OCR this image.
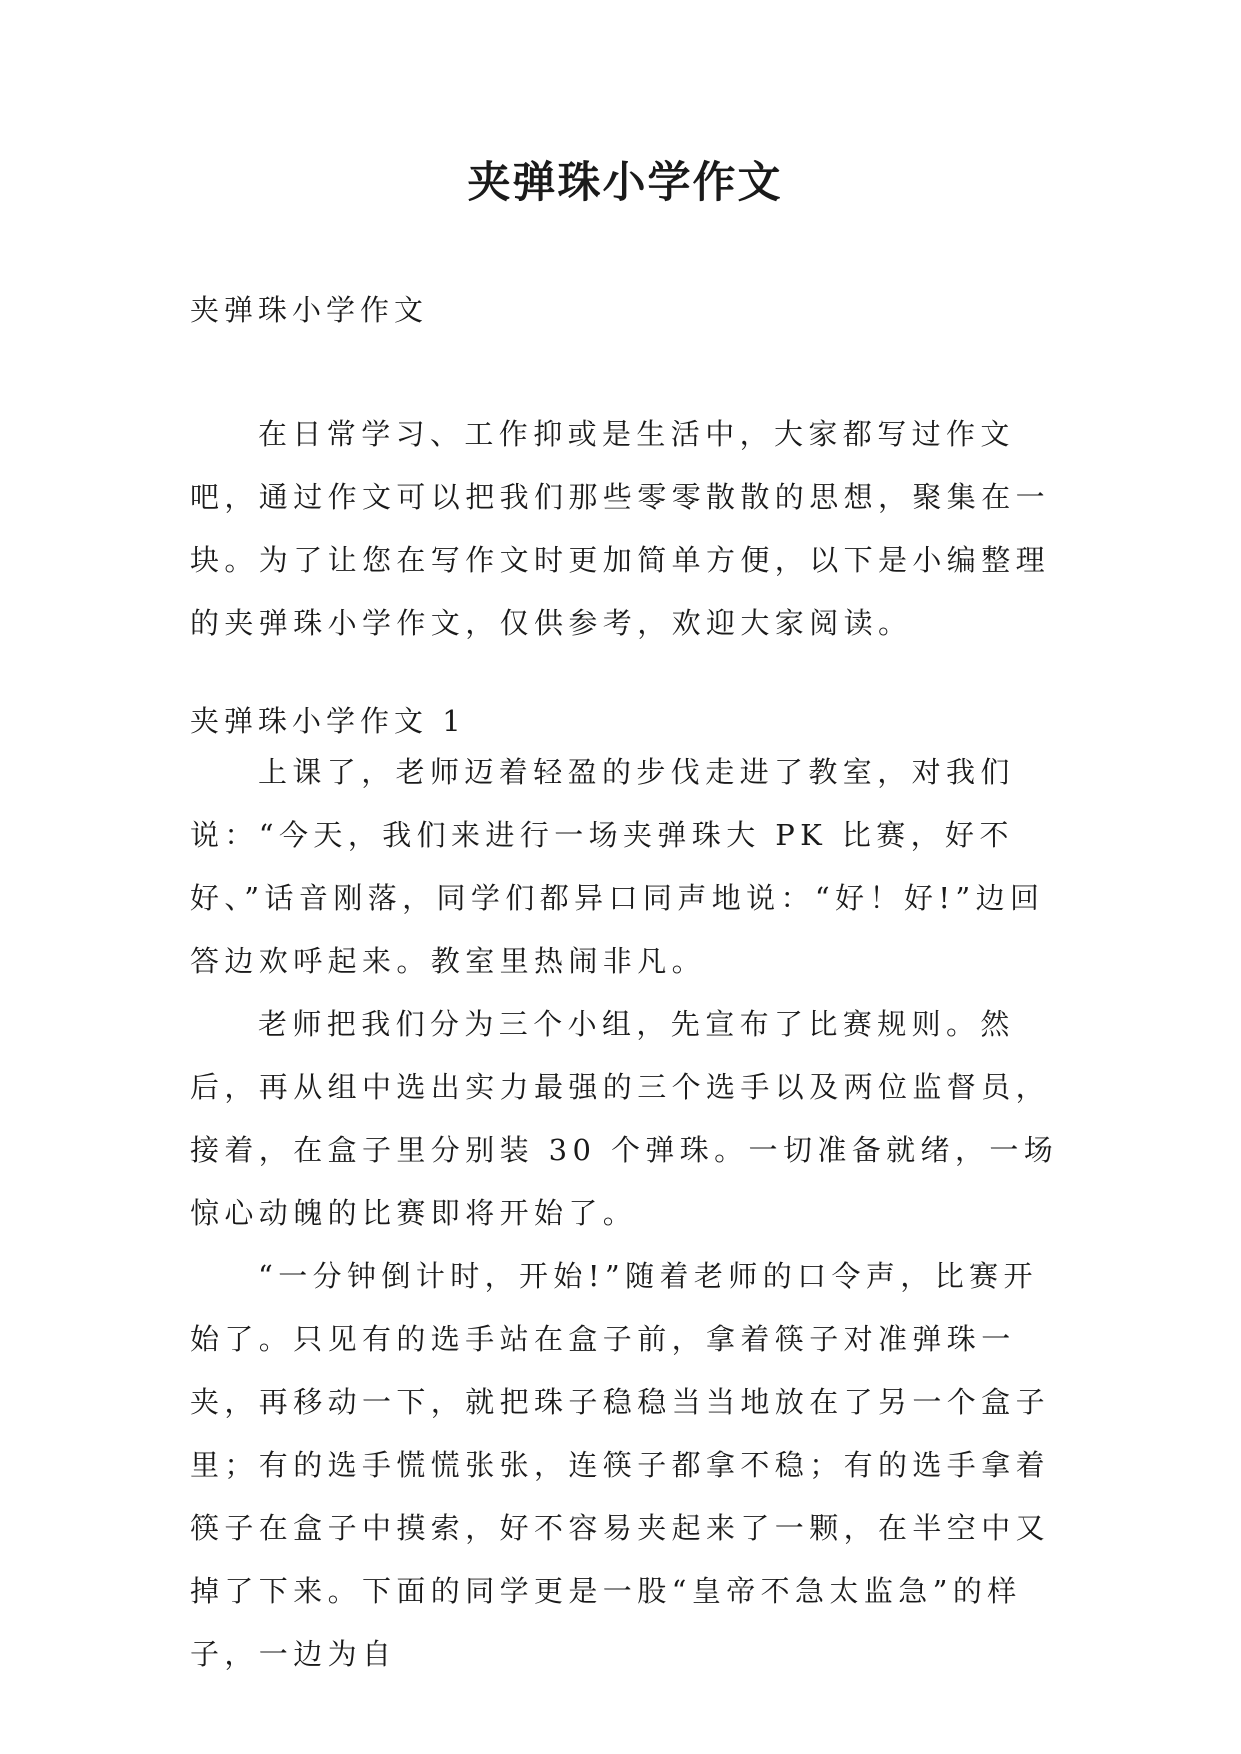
夹弹珠小学作文

夹弹珠小学作文

在日常学习、工作抑或是生活中，大家都写过作文吧，通过作文可以把我们那些零零散散的思想，聚集在一块。为了让您在写作文时更加简单方便，以下是小编整理的夹弹珠小学作文，仅供参考，欢迎大家阅读。

夹弹珠小学作文 1

上课了，老师迈着轻盈的步伐走进了教室，对我们说：“今天，我们来进行一场夹弹珠大 PK 比赛，好不好、”话音刚落，同学们都异口同声地说：“好！好!”边回答边欢呼起来。教室里热闹非凡。

老师把我们分为三个小组，先宣布了比赛规则。然后，再从组中选出实力最强的三个选手以及两位监督员，接着，在盒子里分别装 30 个弹珠。一切准备就绪，一场惊心动魄的比赛即将开始了。

“一分钟倒计时，开始!”随着老师的口令声，比赛开始了。只见有的选手站在盒子前，拿着筷子对准弹珠一夹，再移动一下，就把珠子稳稳当当地放在了另一个盒子里；有的选手慌慌张张，连筷子都拿不稳；有的选手拿着筷子在盒子中摸索，好不容易夹起来了一颗，在半空中又掉了下来。下面的同学更是一股“皇帝不急太监急”的样子，一边为自
